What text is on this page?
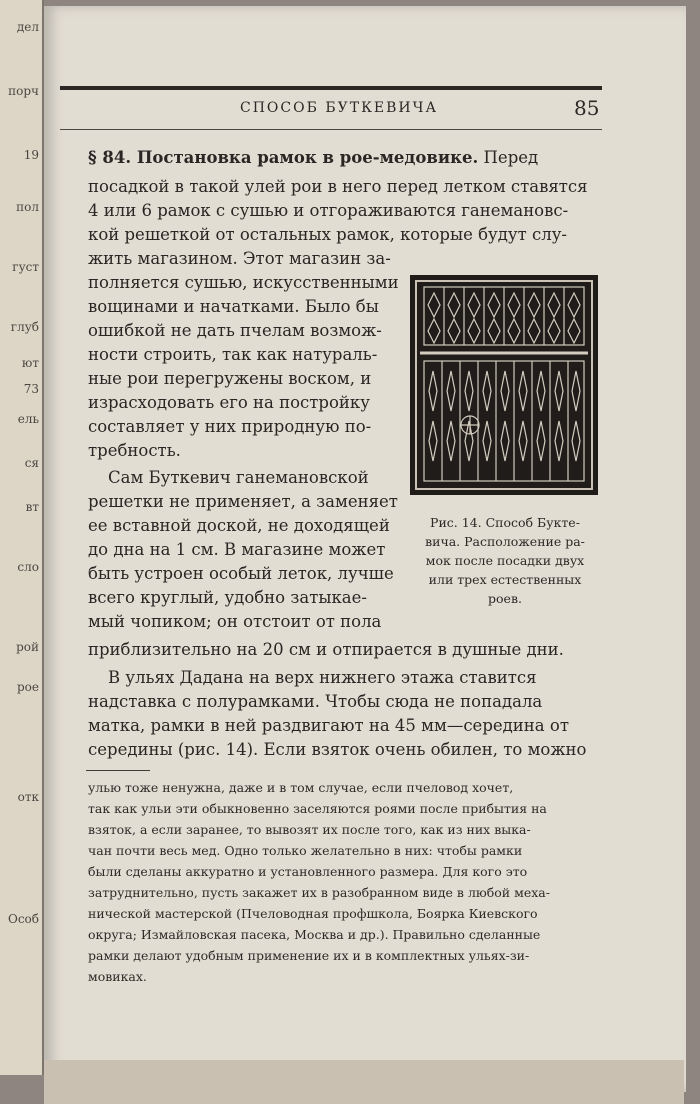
дел
порч
19
пол
густ
глуб
ют
ель
ся
73
вт
сло
рой
рое
отк
Особ
СПОСОБ БУТКЕВИЧА	85
§ 84. Постановка рамок в рое-медовике. Перед
посадкой в такой улей рои в него перед летком ставятся
4 или 6 рамок с сушью и отгораживаются ганемановс-
кой решеткой от остальных рамок, которые будут слу-
жить магазином. Этот магазин за-
полняется сушью, искусственными
вощинами и начатками. Было бы
ошибкой не дать пчелам возмож-
ности строить, так как натураль-
ные рои перегружены воском, и
израсходовать его на постройку
составляет у них природную по-
требность.
Сам Буткевич ганемановской
решетки не применяет, а заменяет
ее вставной доской, не доходящей
до дна на 1 см. В магазине может
быть устроен особый леток, лучше
всего круглый, удобно затыкае-
мый чопиком; он отстоит от пола
приблизительно на 20 см и отпирается в душные дни.
В ульях Дадана на верх нижнего этажа ставится
надставка с полурамками. Чтобы сюда не попадала
матка, рамки в ней раздвигают на 45 мм—середина от
середины (рис. 14). Если взяток очень обилен, то можно
Рис. 14. Способ Букте-
вича. Расположение ра-
мок после посадки двух
или трех естественных
роев.
улью тоже ненужна, даже и в том случае, если пчеловод хочет,
так как ульи эти обыкновенно заселяются роями после прибытия на
взяток, а если заранее, то вывозят их после того, как из них выка-
чан почти весь мед. Одно только желательно в них: чтобы рамки
были сделаны аккуратно и установленного размера. Для кого это
затруднительно, пусть закажет их в разобранном виде в любой меха-
нической мастерской (Пчеловодная профшкола, Боярка Киевского
округа; Измайловская пасека, Москва и др.). Правильно сделанные
рамки делают удобным применение их и в комплектных ульях-зи-
мовиках.
